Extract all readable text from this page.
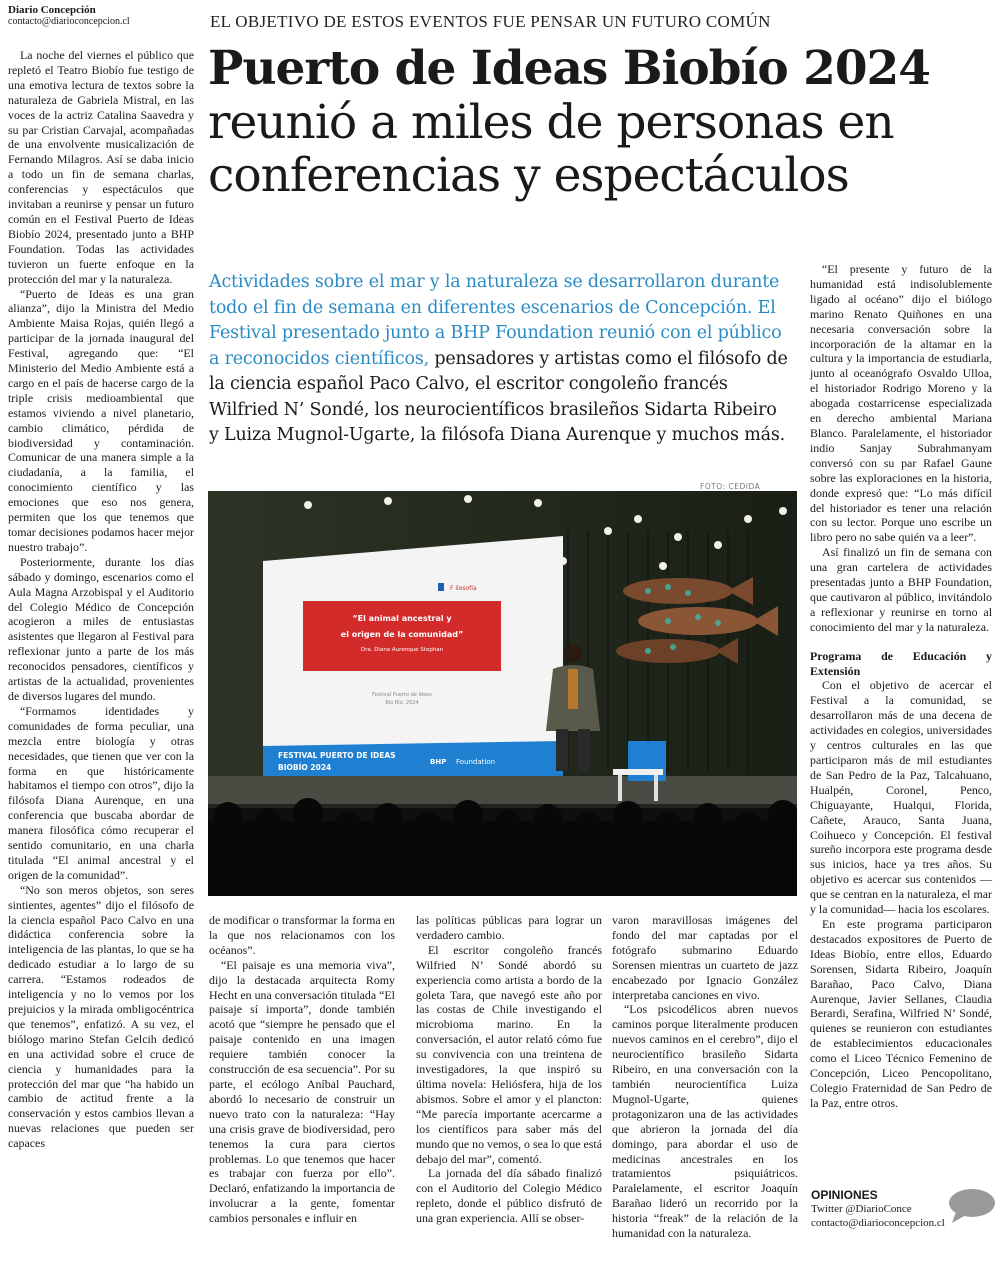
Diario Concepción
contacto@diarioconcepcion.cl	EL OBJETIVO DE ESTOS EVENTOS FUE PENSAR UN FUTURO COMÚN
Puerto de Ideas Biobío 2024
reunió a miles de personas en
conferencias y espectáculos
Actividades sobre el mar y la naturaleza se desarrollaron durante todo el fin de semana en diferentes escenarios de Concepción. El Festival presentado junto a BHP Foundation reunió con el público a reconocidos científicos, pensadores y artistas como el filósofo de la ciencia español Paco Calvo, el escritor congoleño francés Wilfried N’ Sondé, los neurocientíficos brasileños Sidarta Ribeiro y Luiza Mugnol-Ugarte, la filósofa Diana Aurenque y muchos más.

La noche del viernes el público que repletó el Teatro Biobío fue testigo de una emotiva lectura de textos sobre la naturaleza de Gabriela Mistral, en las voces de la actriz Catalina Saavedra y su par Cristian Carvajal, acompañadas de una envolvente musicalización de Fernando Milagros. Así se daba inicio a todo un fin de semana charlas, conferencias y espectáculos que invitaban a reunirse y pensar un futuro común en el Festival Puerto de Ideas Biobío 2024, presentado junto a BHP Foundation. Todas las actividades tuvieron un fuerte enfoque en la protección del mar y la naturaleza.

“Puerto de Ideas es una gran alianza”, dijo la Ministra del Medio Ambiente Maisa Rojas, quién llegó a participar de la jornada inaugural del Festival, agregando que: “El Ministerio del Medio Ambiente está a cargo en el país de hacerse cargo de la triple crisis medioambiental que estamos viviendo a nivel planetario, cambio climático, pérdida de biodiversidad y contaminación. Comunicar de una manera simple a la ciudadanía, a la familia, el conocimiento científico y las emociones que eso nos genera, permiten que los que tenemos que tomar decisiones podamos hacer mejor nuestro trabajo”.

Posteriormente, durante los días sábado y domingo, escenarios como el Aula Magna Arzobispal y el Auditorio del Colegio Médico de Concepción acogieron a miles de entusiastas asistentes que llegaron al Festival para reflexionar junto a parte de los más reconocidos pensadores, científicos y artistas de la actualidad, provenientes de diversos lugares del mundo.

“Formamos identidades y comunidades de forma peculiar, una mezcla entre biología y otras necesidades, que tienen que ver con la forma en que históricamente habitamos el tiempo con otros”, dijo la filósofa Diana Aurenque, en una conferencia que buscaba abordar de manera filosófica cómo recuperar el sentido comunitario, en una charla titulada “El animal ancestral y el origen de la comunidad”.

“No son meros objetos, son seres sintientes, agentes” dijo el filósofo de la ciencia español Paco Calvo en una didáctica conferencia sobre la inteligencia de las plantas, lo que se ha dedicado estudiar a lo largo de su carrera. “Estamos rodeados de inteligencia y no lo vemos por los prejuicios y la mirada ombligocéntrica que tenemos”, enfatizó. A su vez, el biólogo marino Stefan Gelcih dedicó en una actividad sobre el cruce de ciencia y humanidades para la protección del mar que “ha habido un cambio de actitud frente a la conservación y estos cambios llevan a nuevas relaciones que pueden ser capaces

FOTO: CEDIDA
“El animal ancestral y
el origen de la comunidad”
Dra. Diana Aurenque Stephan
Festival Puerto de Ideas
Bio Bío, 2024
F ilosofía
FESTIVAL PUERTO DE IDEAS
BIOBÍO 2024
BHP Foundation

de modificar o transformar la forma en la que nos relacionamos con los océanos”.

“El paisaje es una memoria viva”, dijo la destacada arquitecta Romy Hecht en una conversación titulada “El paisaje sí importa”, donde también acotó que “siempre he pensado que el paisaje contenido en una imagen requiere también conocer la construcción de esa secuencia”. Por su parte, el ecólogo Aníbal Pauchard, abordó lo necesario de construir un nuevo trato con la naturaleza: “Hay una crisis grave de biodiversidad, pero tenemos la cura para ciertos problemas. Lo que tenemos que hacer es trabajar con fuerza por ello”. Declaró, enfatizando la importancia de involucrar a la gente, fomentar cambios personales e influir en

las políticas públicas para lograr un verdadero cambio.

El escritor congoleño francés Wilfried N’ Sondé abordó su experiencia como artista a bordo de la goleta Tara, que navegó este año por las costas de Chile investigando el microbioma marino. En la conversación, el autor relató cómo fue su convivencia con una treintena de investigadores, la que inspiró su última novela: Heliósfera, hija de los abismos. Sobre el amor y el plancton: “Me parecía importante acercarme a los científicos para saber más del mundo que no vemos, o sea lo que está debajo del mar”, comentó.

La jornada del día sábado finalizó con el Auditorio del Colegio Médico repleto, donde el público disfrutó de una gran experiencia. Allí se obser-

varon maravillosas imágenes del fondo del mar captadas por el fotógrafo submarino Eduardo Sorensen mientras un cuarteto de jazz encabezado por Ignacio González interpretaba canciones en vivo.

“Los psicodélicos abren nuevos caminos porque literalmente producen nuevos caminos en el cerebro”, dijo el neurocientífico brasileño Sidarta Ribeiro, en una conversación con la también neurocientífica Luiza Mugnol-Ugarte, quienes protagonizaron una de las actividades que abrieron la jornada del día domingo, para abordar el uso de medicinas ancestrales en los tratamientos psiquiátricos. Paralelamente, el escritor Joaquín Barañao lideró un recorrido por la historia “freak” de la relación de la humanidad con la naturaleza.

“El presente y futuro de la humanidad está indisolublemente ligado al océano” dijo el biólogo marino Renato Quiñones en una necesaria conversación sobre la incorporación de la altamar en la cultura y la importancia de estudiarla, junto al oceanógrafo Osvaldo Ulloa, el historiador Rodrigo Moreno y la abogada costarricense especializada en derecho ambiental Mariana Blanco. Paralelamente, el historiador indio Sanjay Subrahmanyam conversó con su par Rafael Gaune sobre las exploraciones en la historia, donde expresó que: “Lo más difícil del historiador es tener una relación con su lector. Porque uno escribe un libro pero no sabe quién va a leer”.

Así finalizó un fin de semana con una gran cartelera de actividades presentadas junto a BHP Foundation, que cautivaron al público, invitándolo a reflexionar y reunirse en torno al conocimiento del mar y la naturaleza.

Programa de Educación y Extensión

Con el objetivo de acercar el Festival a la comunidad, se desarrollaron más de una decena de actividades en colegios, universidades y centros culturales en las que participaron más de mil estudiantes de San Pedro de la Paz, Talcahuano, Hualpén, Coronel, Penco, Chiguayante, Hualqui, Florida, Cañete, Arauco, Santa Juana, Coihueco y Concepción. El festival sureño incorpora este programa desde sus inicios, hace ya tres años. Su objetivo es acercar sus contenidos —que se centran en la naturaleza, el mar y la comunidad— hacia los escolares.

En este programa participaron destacados expositores de Puerto de Ideas Biobío, entre ellos, Eduardo Sorensen, Sidarta Ribeiro, Joaquín Barañao, Paco Calvo, Diana Aurenque, Javier Sellanes, Claudia Berardi, Serafina, Wilfried N’ Sondé, quienes se reunieron con estudiantes de establecimientos educacionales como el Liceo Técnico Femenino de Concepción, Liceo Pencopolitano, Colegio Fraternidad de San Pedro de la Paz, entre otros.

OPINIONES
Twitter @DiarioConce
contacto@diarioconcepcion.cl
